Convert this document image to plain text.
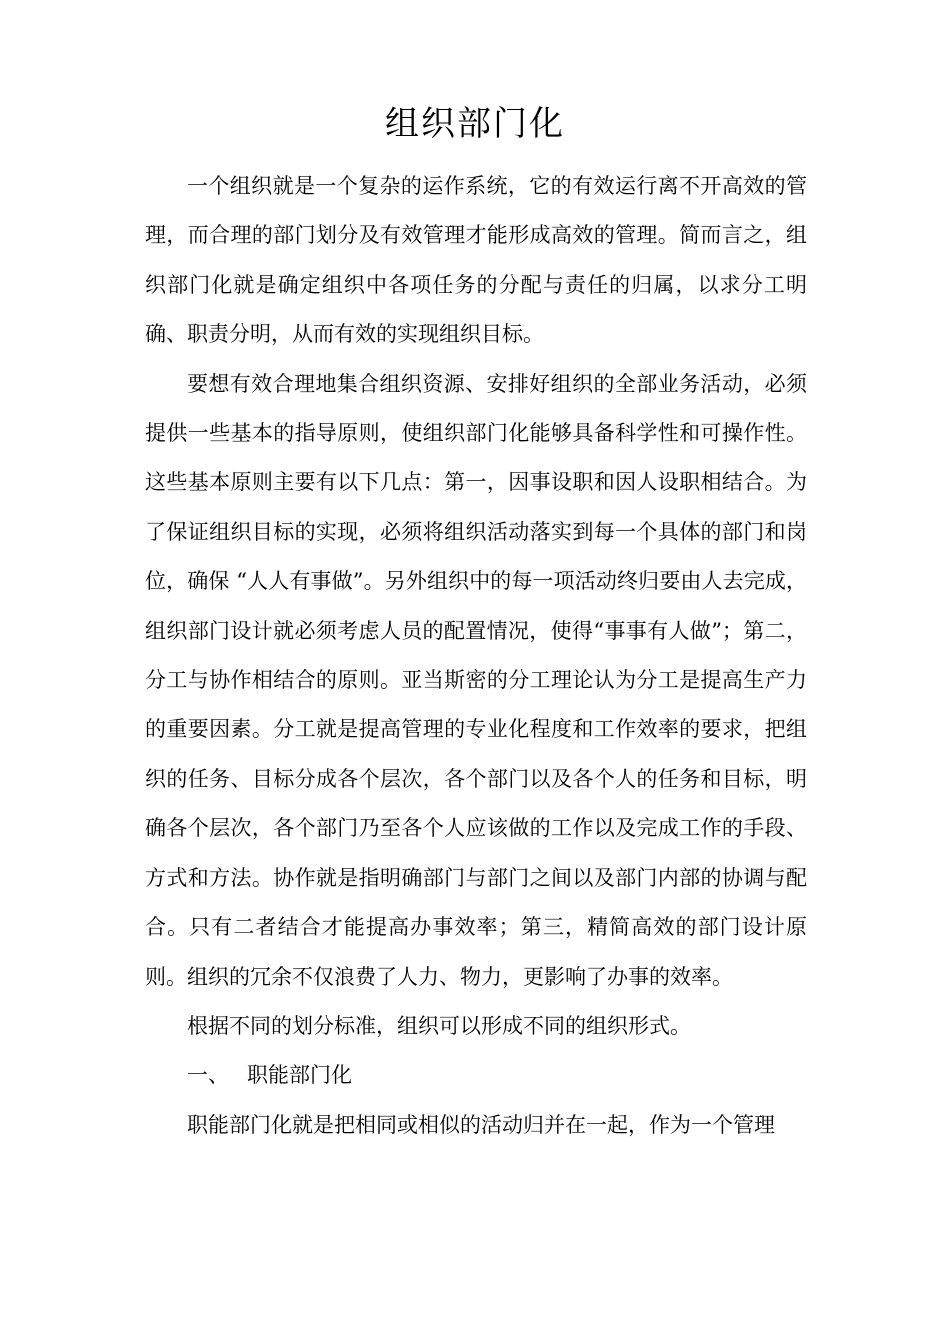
组织部门化

一个组织就是一个复杂的运作系统，它的有效运行离不开高效的管理，而合理的部门划分及有效管理才能形成高效的管理。简而言之，组织部门化就是确定组织中各项任务的分配与责任的归属，以求分工明确、职责分明，从而有效的实现组织目标。

要想有效合理地集合组织资源、安排好组织的全部业务活动，必须提供一些基本的指导原则，使组织部门化能够具备科学性和可操作性。这些基本原则主要有以下几点：第一，因事设职和因人设职相结合。为了保证组织目标的实现，必须将组织活动落实到每一个具体的部门和岗位，确保 “人人有事做”。另外组织中的每一项活动终归要由人去完成，组织部门设计就必须考虑人员的配置情况，使得“事事有人做”；第二，分工与协作相结合的原则。亚当斯密的分工理论认为分工是提高生产力的重要因素。分工就是提高管理的专业化程度和工作效率的要求，把组织的任务、目标分成各个层次，各个部门以及各个人的任务和目标，明确各个层次，各个部门乃至各个人应该做的工作以及完成工作的手段、方式和方法。协作就是指明确部门与部门之间以及部门内部的协调与配合。只有二者结合才能提高办事效率；第三，精简高效的部门设计原则。组织的冗余不仅浪费了人力、物力，更影响了办事的效率。

根据不同的划分标准，组织可以形成不同的组织形式。

一、 职能部门化

职能部门化就是把相同或相似的活动归并在一起，作为一个管理
